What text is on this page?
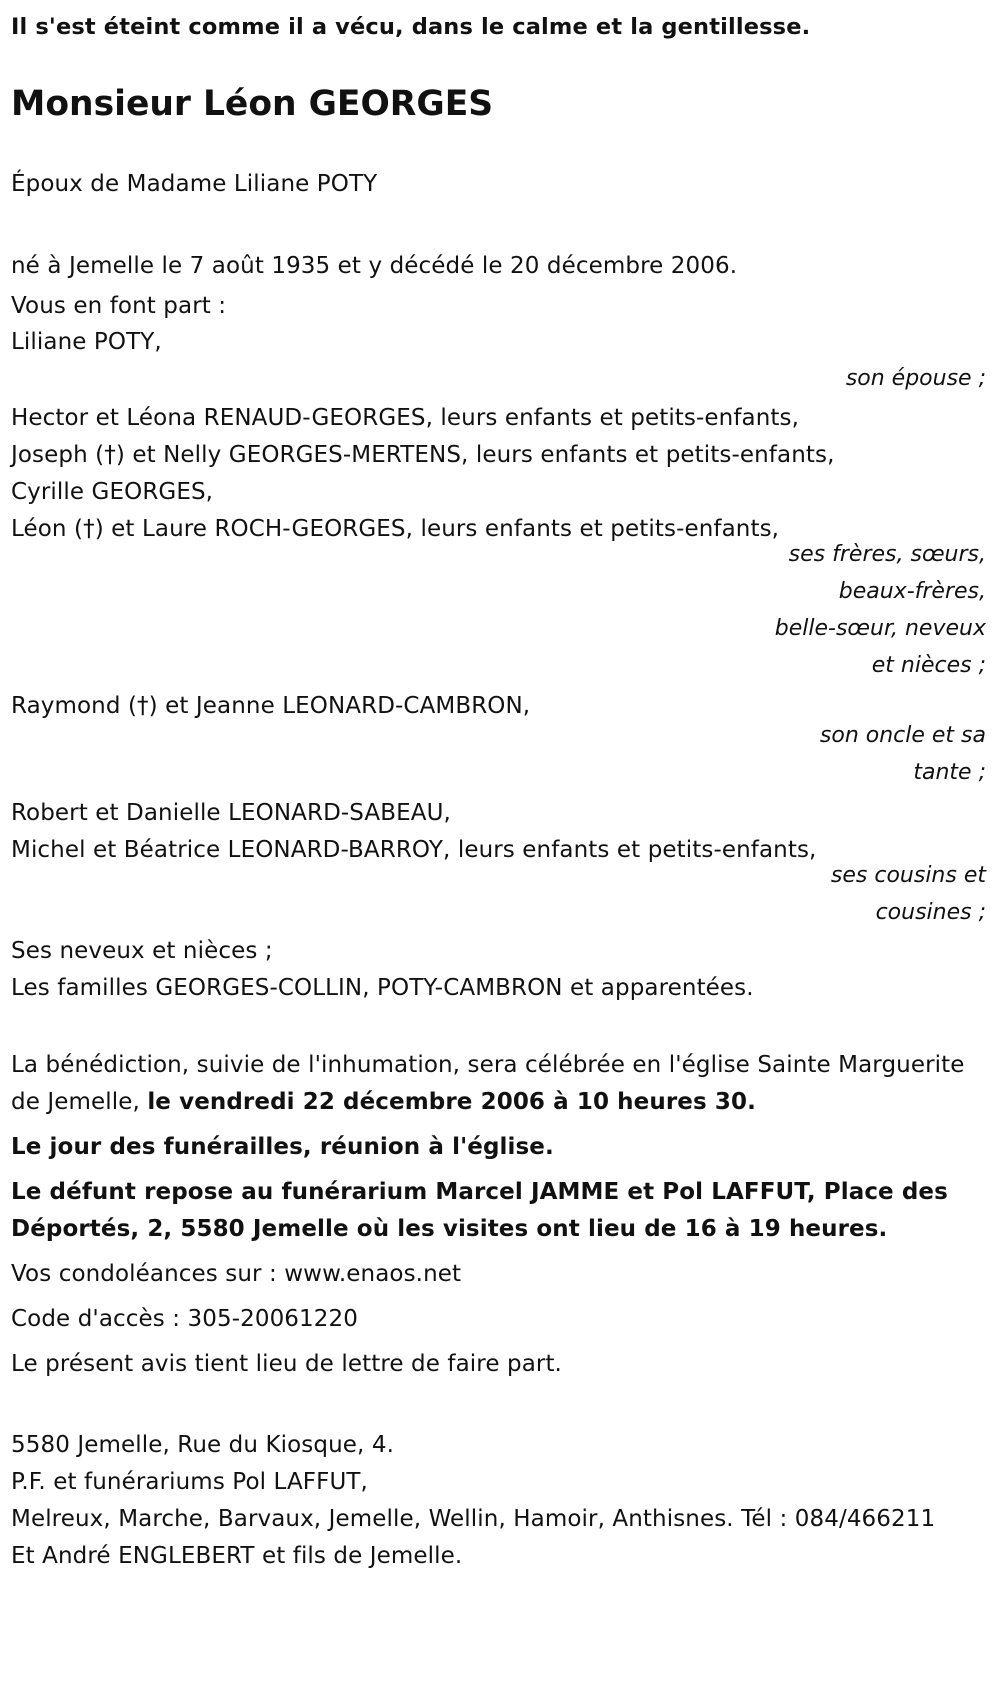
Il s'est éteint comme il a vécu, dans le calme et la gentillesse.

Monsieur Léon GEORGES

Époux de Madame Liliane POTY

né à Jemelle le 7 août 1935 et y décédé le 20 décembre 2006.

Vous en font part :

Liliane POTY,

son épouse ;

Hector et Léona RENAUD-GEORGES, leurs enfants et petits-enfants,

Joseph (†) et Nelly GEORGES-MERTENS, leurs enfants et petits-enfants,

Cyrille GEORGES,

Léon (†) et Laure ROCH-GEORGES, leurs enfants et petits-enfants,

ses frères, sœurs,

beaux-frères,

belle-sœur, neveux

et nièces ;

Raymond (†) et Jeanne LEONARD-CAMBRON,

son oncle et sa

tante ;

Robert et Danielle LEONARD-SABEAU,

Michel et Béatrice LEONARD-BARROY, leurs enfants et petits-enfants,

ses cousins et

cousines ;

Ses neveux et nièces ;

Les familles GEORGES-COLLIN, POTY-CAMBRON et apparentées.

La bénédiction, suivie de l'inhumation, sera célébrée en l'église Sainte Marguerite de Jemelle, le vendredi 22 décembre 2006 à 10 heures 30.

Le jour des funérailles, réunion à l'église.

Le défunt repose au funérarium Marcel JAMME et Pol LAFFUT, Place des Déportés, 2, 5580 Jemelle où les visites ont lieu de 16 à 19 heures.

Vos condoléances sur : www.enaos.net

Code d'accès : 305-20061220

Le présent avis tient lieu de lettre de faire part.

5580 Jemelle, Rue du Kiosque, 4.

P.F. et funérariums Pol LAFFUT,

Melreux, Marche, Barvaux, Jemelle, Wellin, Hamoir, Anthisnes. Tél : 084/466211

Et André ENGLEBERT et fils de Jemelle.
